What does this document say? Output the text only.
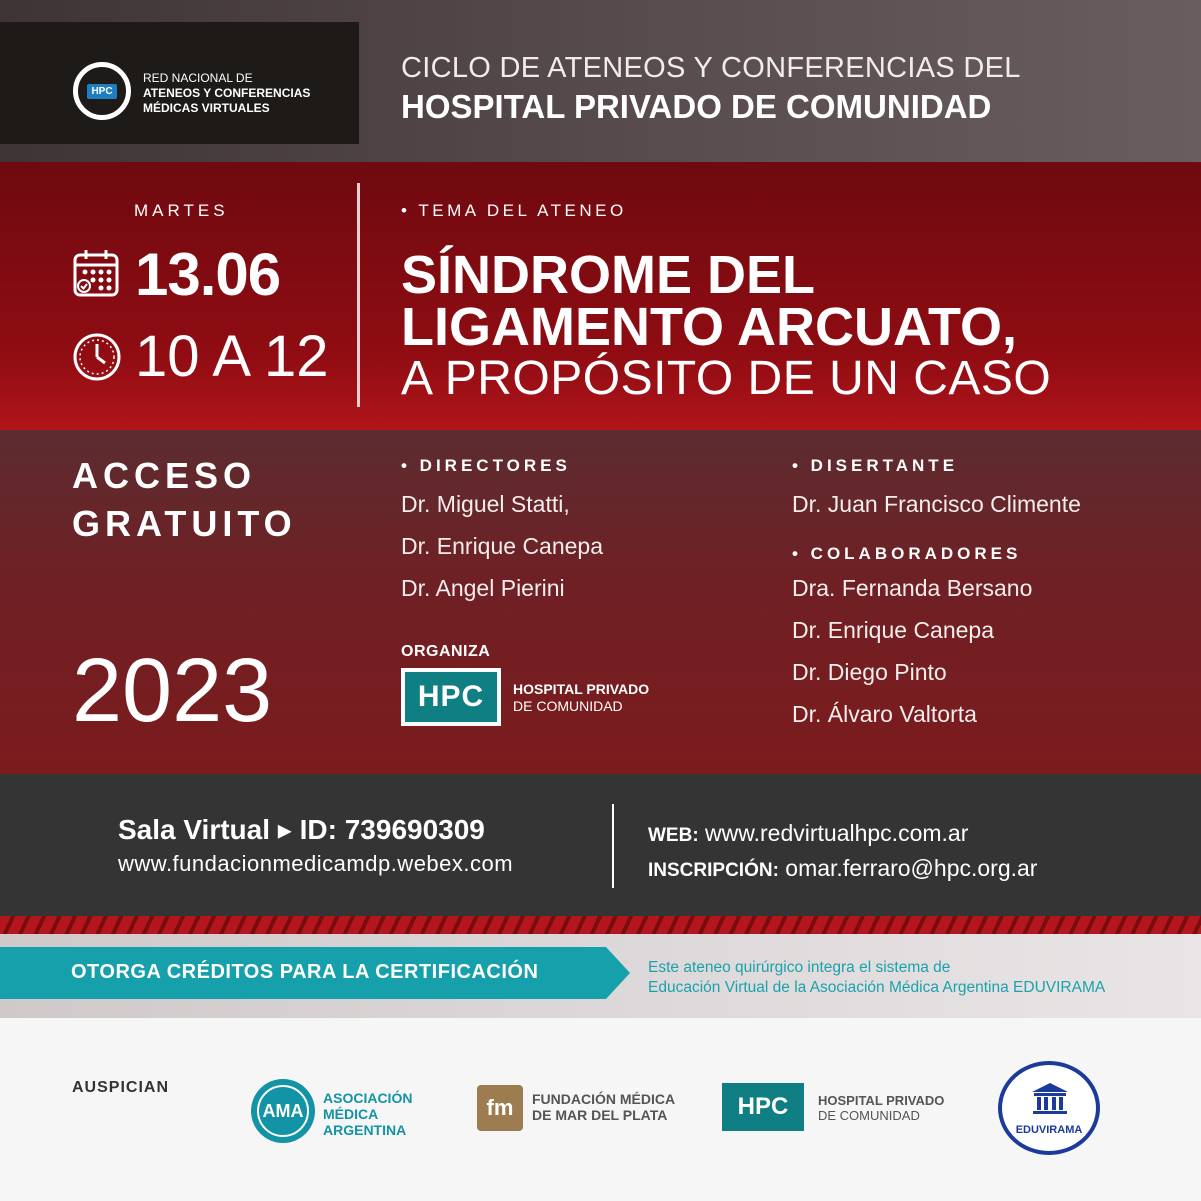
HPC
RED NACIONAL DE
ATENEOS Y CONFERENCIAS
MÉDICAS VIRTUALES
CICLO DE ATENEOS Y CONFERENCIAS DEL
HOSPITAL PRIVADO DE COMUNIDAD
MARTES
13.06
10 A 12
• TEMA DEL ATENEO
SÍNDROME DEL
LIGAMENTO ARCUATO,
A PROPÓSITO DE UN CASO
ACCESO
GRATUITO
2023
• DIRECTORES
Dr. Miguel Statti,
Dr. Enrique Canepa
Dr. Angel Pierini
• DISERTANTE
Dr. Juan Francisco Climente
• COLABORADORES
Dra. Fernanda Bersano
Dr. Enrique Canepa
Dr. Diego Pinto
Dr. Álvaro Valtorta
ORGANIZA
HPC HOSPITAL PRIVADO
DE COMUNIDAD
Sala Virtual ▸ ID: 739690309
www.fundacionmedicamdp.webex.com
WEB: www.redvirtualhpc.com.ar
INSCRIPCIÓN: omar.ferraro@hpc.org.ar
OTORGA CRÉDITOS PARA LA CERTIFICACIÓN	Este ateneo quirúrgico integra el sistema de
Educación Virtual de la Asociación Médica Argentina EDUVIRAMA
AUSPICIAN
AMA
ASOCIACIÓN
MÉDICA
ARGENTINA
fm	FUNDACIÓN MÉDICA
DE MAR DEL PLATA	HPC HOSPITAL PRIVADO
DE COMUNIDAD
EDUVIRAMA
